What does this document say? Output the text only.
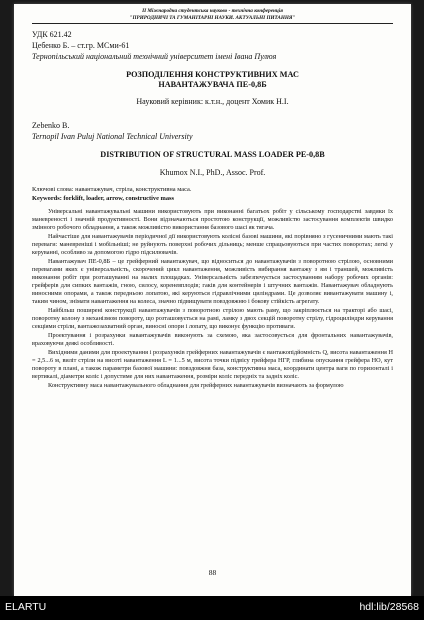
II Міжнародна студентська науково - технічна конференція
"ПРИРОДНИЧІ ТА ГУМАНІТАРНІ НАУКИ. АКТУАЛЬНІ ПИТАННЯ"
УДК 621.42
Цебенко Б. – ст.гр. МСми-61
Тернопільський національний технічний університет імені Івана Пулюя
РОЗПОДІЛЕННЯ КОНСТРУКТИВНИХ МАС
НАВАНТАЖУВАЧА ПЕ-0,8Б
Науковий керівник: к.т.н., доцент Хомик Н.І.
Zebenko B.
Ternopil Ivan Puluj National Technical University
DISTRIBUTION OF STRUCTURAL MASS LOADER PE-0,8B
Khumox N.I., PhD., Assoc. Prof.
Ключові слова: навантажувач, стріла, конструктивна маса.
Keywords: forklift, loader, arrow, constructive mass

Універсальні навантажувальні машини використовують при виконанні багатьох робіт у сільському господарстві завдяки їх маневреності і значній продуктивності. Вони відзначаються простотою конструкції, можливістю застосування комплектів швидко змінного робочого обладнання, а також можливістю використання базового шасі як тягача.

Найчастіше для навантажувачів періодичної дії використовують колісні базові машини, які порівняно з гусеничними мають такі переваги: маневреніші і мобільніші; не руйнують поверхні робочих дільниць; менше спрацьовуються при частих поворотах; легкі у керуванні, особливо за допомогою гідро підсилювачів.

Навантажувач ПЕ-0,8Б – це грейферний навантажувач, що відноситься до навантажувачів з поворотною стрілою, основними перевагами яких є універсальність, скорочений цикл навантаження, можливість вибирання вантажу з ям і траншей, можливість виконання робіт при розташуванні на малих площадках. Універсальність забезпечується застосуванням набору робочих органів: грейферів для сипких вантажів, гною, силосу, кореневплодів; гаків для контейнерів і штучних вантажів. Навантажувач обладнують виносними опорами, а також передньою лопатою, які керуються гідравлічними циліндрами. Це дозволяє вивантажувати машину і, таким чином, знімати навантаження на колеса, значно підвищувати повздовжню і бокову стійкість агрегату.

Найбільш поширені конструкції навантажувачів з поворотною стрілою мають раму, що закріплюється на тракторі або шасі, поворотну колону з механізмом повороту, що розташовується на рамі, ламку з двох секцій поворотну стрілу, гідроциліндри керування секціями стріли, вантажозахватний орган, виносні опори і лопату, що виконує функцію противаги.

Проектування і розрахунки навантажувачів виконують за схемою, яка застосовується для фронтальних навантажувачів, враховуючи деякі особливості.

Вихідними даними для проектування і розрахунків грейферних навантажувачів є вантажопідйомність Q, висота навантаження H = 2,5...6 м, виліт стріли на висоті навантаження L = 1...5 м, висота точки підвісу грейфера HГР, глибина опускання грейфера HО, кут повороту в плані, а також параметри базової машини: повздовжня база, конструктивна маса, координати центра ваги по горизонталі і вертикалі, діаметри коліс і допустиме для них навантаження, розміри коліс передніх та задніх коліс.

Конструктивну маса навантажувального обладнання для грейферних навантажувачів визначають за формулою

88
ELARTU	hdl:lib/28568
